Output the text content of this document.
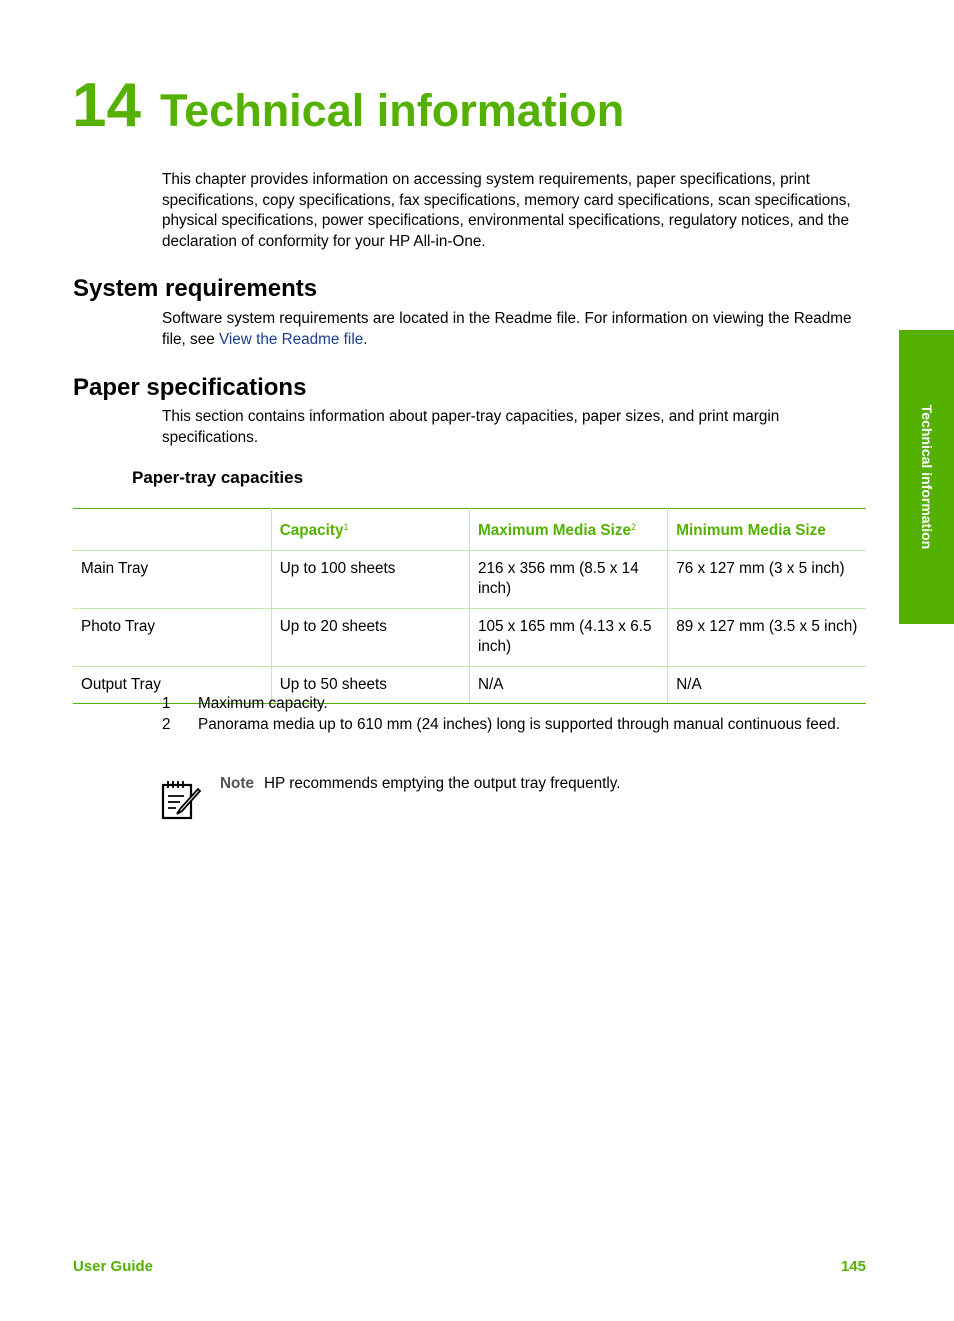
14 Technical information
This chapter provides information on accessing system requirements, paper specifications, print specifications, copy specifications, fax specifications, memory card specifications, scan specifications, physical specifications, power specifications, environmental specifications, regulatory notices, and the declaration of conformity for your HP All-in-One.
System requirements
Software system requirements are located in the Readme file. For information on viewing the Readme file, see View the Readme file.
Paper specifications
This section contains information about paper-tray capacities, paper sizes, and print margin specifications.
Paper-tray capacities
	Capacity$^1$	Maximum Media Size$^2$	Minimum Media Size
Main Tray	Up to 100 sheets	216 x 356 mm (8.5 x 14 inch)	76 x 127 mm (3 x 5 inch)
Photo Tray	Up to 20 sheets	105 x 165 mm (4.13 x 6.5 inch)	89 x 127 mm (3.5 x 5 inch)
Output Tray	Up to 50 sheets	N/A	N/A
1	Maximum capacity.
2	Panorama media up to 610 mm (24 inches) long is supported through manual continuous feed.
Note HP recommends emptying the output tray frequently.
Technical information
User Guide	145
